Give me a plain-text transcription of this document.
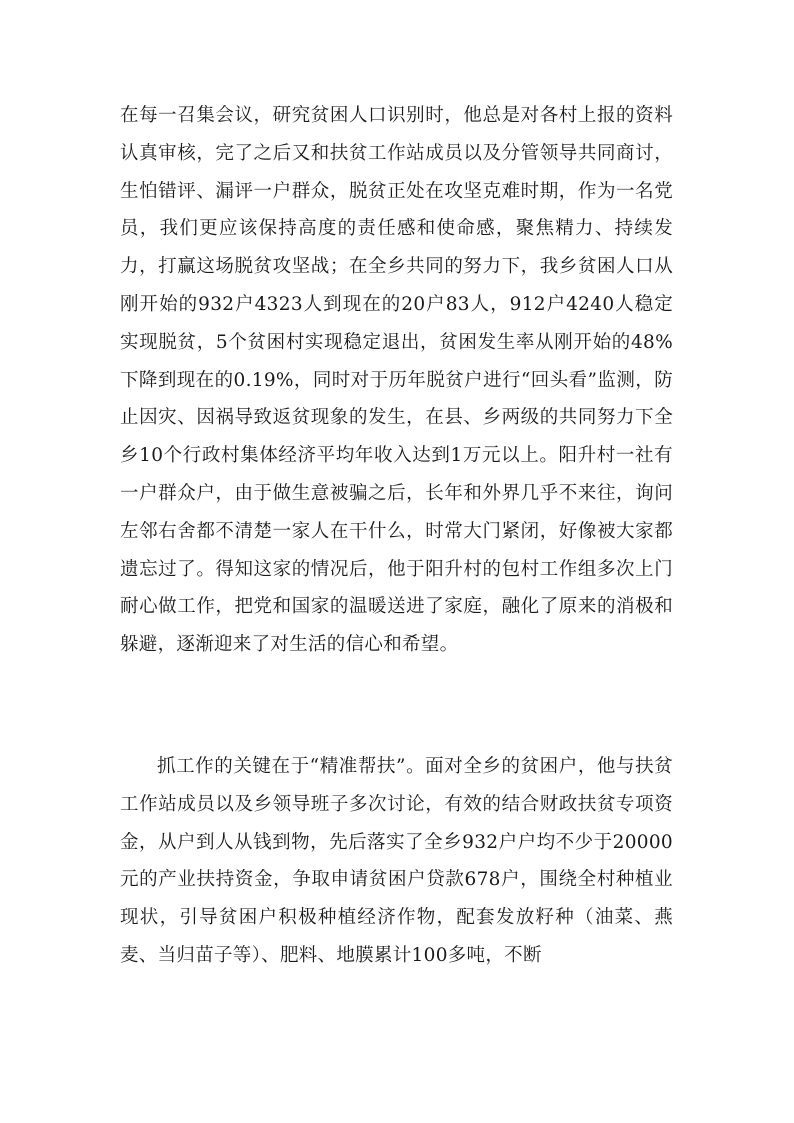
在每一召集会议，研究贫困人口识别时，他总是对各村上报的资料认真审核，完了之后又和扶贫工作站成员以及分管领导共同商讨，生怕错评、漏评一户群众，脱贫正处在攻坚克难时期，作为一名党员，我们更应该保持高度的责任感和使命感，聚焦精力、持续发力，打赢这场脱贫攻坚战；在全乡共同的努力下，我乡贫困人口从刚开始的932户4323人到现在的20户83人，912户4240人稳定实现脱贫，5个贫困村实现稳定退出，贫困发生率从刚开始的48%下降到现在的0.19%，同时对于历年脱贫户进行“回头看”监测，防止因灾、因祸导致返贫现象的发生，在县、乡两级的共同努力下全乡10个行政村集体经济平均年收入达到1万元以上。阳升村一社有一户群众户，由于做生意被骗之后，长年和外界几乎不来往，询问左邻右舍都不清楚一家人在干什么，时常大门紧闭，好像被大家都遗忘过了。得知这家的情况后，他于阳升村的包村工作组多次上门耐心做工作，把党和国家的温暖送进了家庭，融化了原来的消极和躲避，逐渐迎来了对生活的信心和希望。

抓工作的关键在于“精准帮扶”。面对全乡的贫困户，他与扶贫工作站成员以及乡领导班子多次讨论，有效的结合财政扶贫专项资金，从户到人从钱到物，先后落实了全乡932户户均不少于20000元的产业扶持资金，争取申请贫困户贷款678户，围绕全村种植业现状，引导贫困户积极种植经济作物，配套发放籽种（油菜、燕麦、当归苗子等）、肥料、地膜累计100多吨，不断
